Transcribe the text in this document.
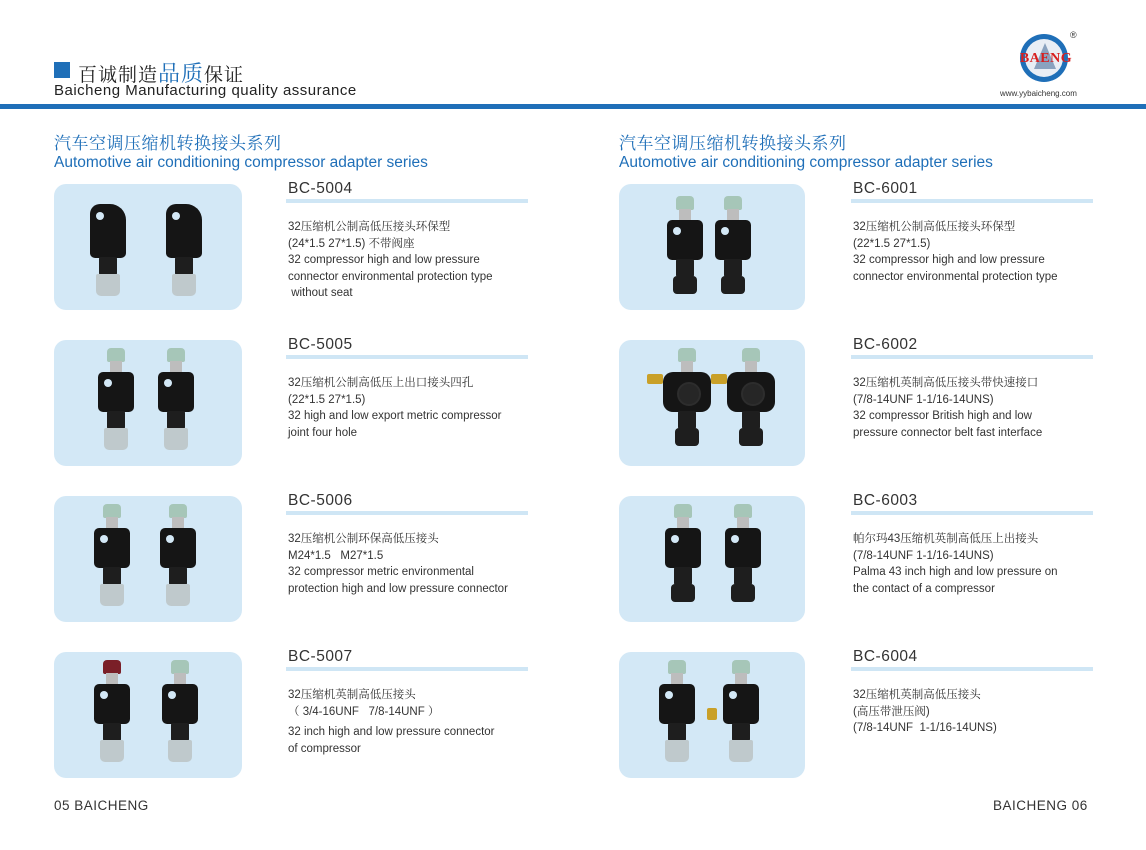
百诚制造品质保证
Baicheng Manufacturing quality assurance
BAENG
®
www.yybaicheng.com
汽车空调压缩机转换接头系列
Automotive air conditioning compressor adapter series
汽车空调压缩机转换接头系列
Automotive air conditioning compressor adapter series
BC-5004
32压缩机公制高低压接头环保型
(24*1.5 27*1.5) 不带阀座
32 compressor high and low pressure
connector environmental protection type
without seat
BC-5005
32压缩机公制高低压上出口接头四孔
(22*1.5 27*1.5)
32 high and low export metric compressor
joint four hole
BC-5006
32压缩机公制环保高低压接头
M24*1.5   M27*1.5
32 compressor metric environmental
protection high and low pressure connector
BC-5007
32压缩机英制高低压接头
（ 3/4-16UNF   7/8-14UNF ）
32 inch high and low pressure connector
of compressor
BC-6001
32压缩机公制高低压接头环保型
(22*1.5 27*1.5)
32 compressor high and low pressure
connector environmental protection type
BC-6002
32压缩机英制高低压接头带快速接口
(7/8-14UNF 1-1/16-14UNS)
32 compressor British high and low
pressure connector belt fast interface
BC-6003
帕尔玛43压缩机英制高低压上出接头
(7/8-14UNF 1-1/16-14UNS)
Palma 43 inch high and low pressure on
the contact of a compressor
BC-6004
32压缩机英制高低压接头
(高压带泄压阀)
(7/8-14UNF  1-1/16-14UNS)
05 BAICHENG	BAICHENG 06
